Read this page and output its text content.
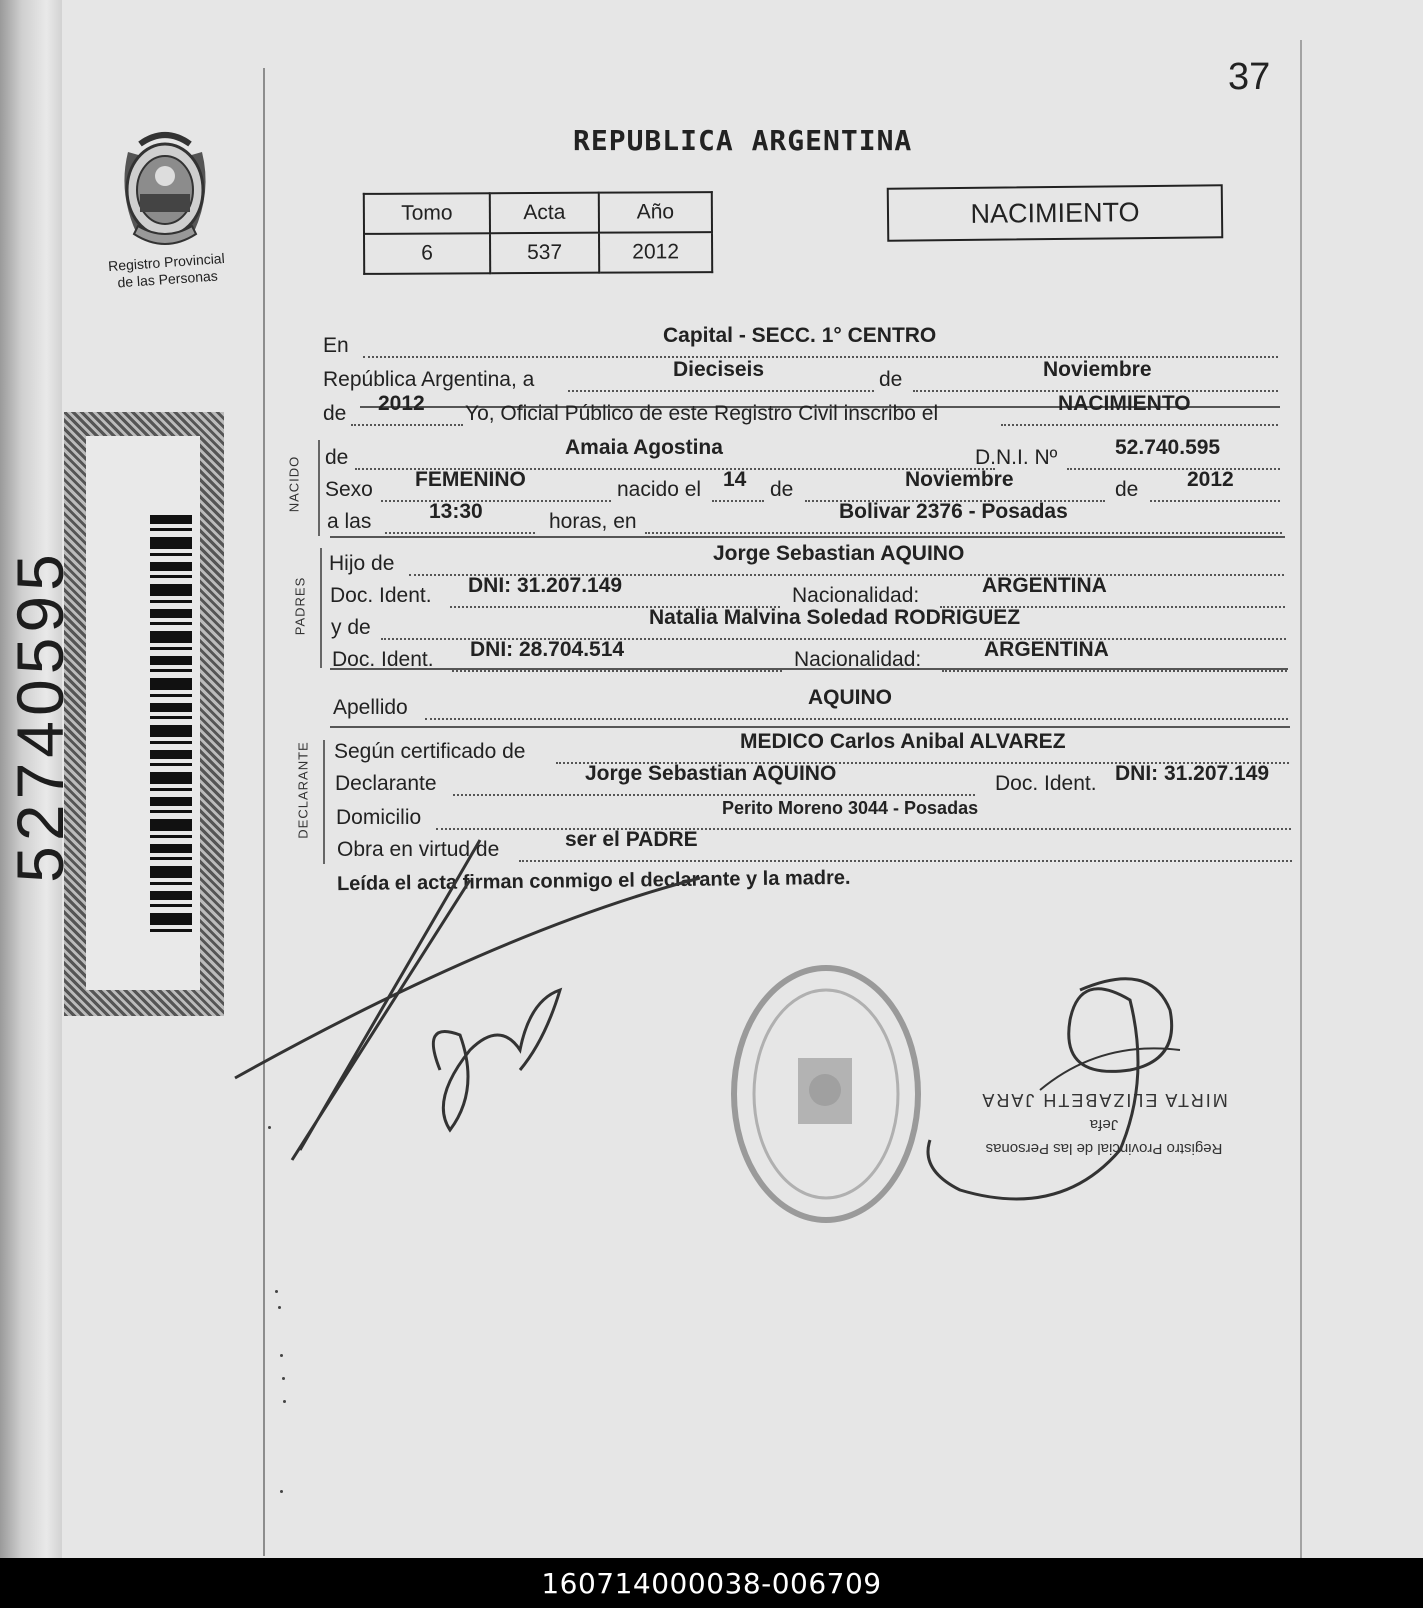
37
REPUBLICA ARGENTINA
Registro Provincial
de las Personas
Tomo	Acta	Año
6	537	2012
NACIMIENTO
52740595
NACIDO
PADRES
DECLARANTE
En	Capital - SECC. 1° CENTRO
República Argentina, a	Dieciseis	de	Noviembre
de 2012 Yo, Oficial Público de este Registro Civil inscribo el	NACIMIENTO
de	Amaia Agostina	D.N.I. Nº	52.740.595
Sexo FEMENINO	nacido el 14 de	Noviembre	de 2012
a las	13:30	horas, en	Bolivar 2376 - Posadas
Hijo de	Jorge Sebastian AQUINO
Doc. Ident. DNI: 31.207.149	Nacionalidad:	ARGENTINA
y de	Natalia Malvina Soledad RODRIGUEZ
Doc. Ident. DNI: 28.704.514	Nacionalidad:	ARGENTINA
Apellido	AQUINO
Según certificado de	MEDICO Carlos Anibal ALVAREZ
Declarante	Jorge Sebastian AQUINO	Doc. Ident. DNI: 31.207.149
Domicilio	Perito Moreno 3044 - Posadas
Obra en virtud de	ser el PADRE
Leída el acta firman conmigo el declarante y la madre.
Registro Provincial de las Personas
Jefa
MIRTA ELIZABETH JARA
160714000038-006709
